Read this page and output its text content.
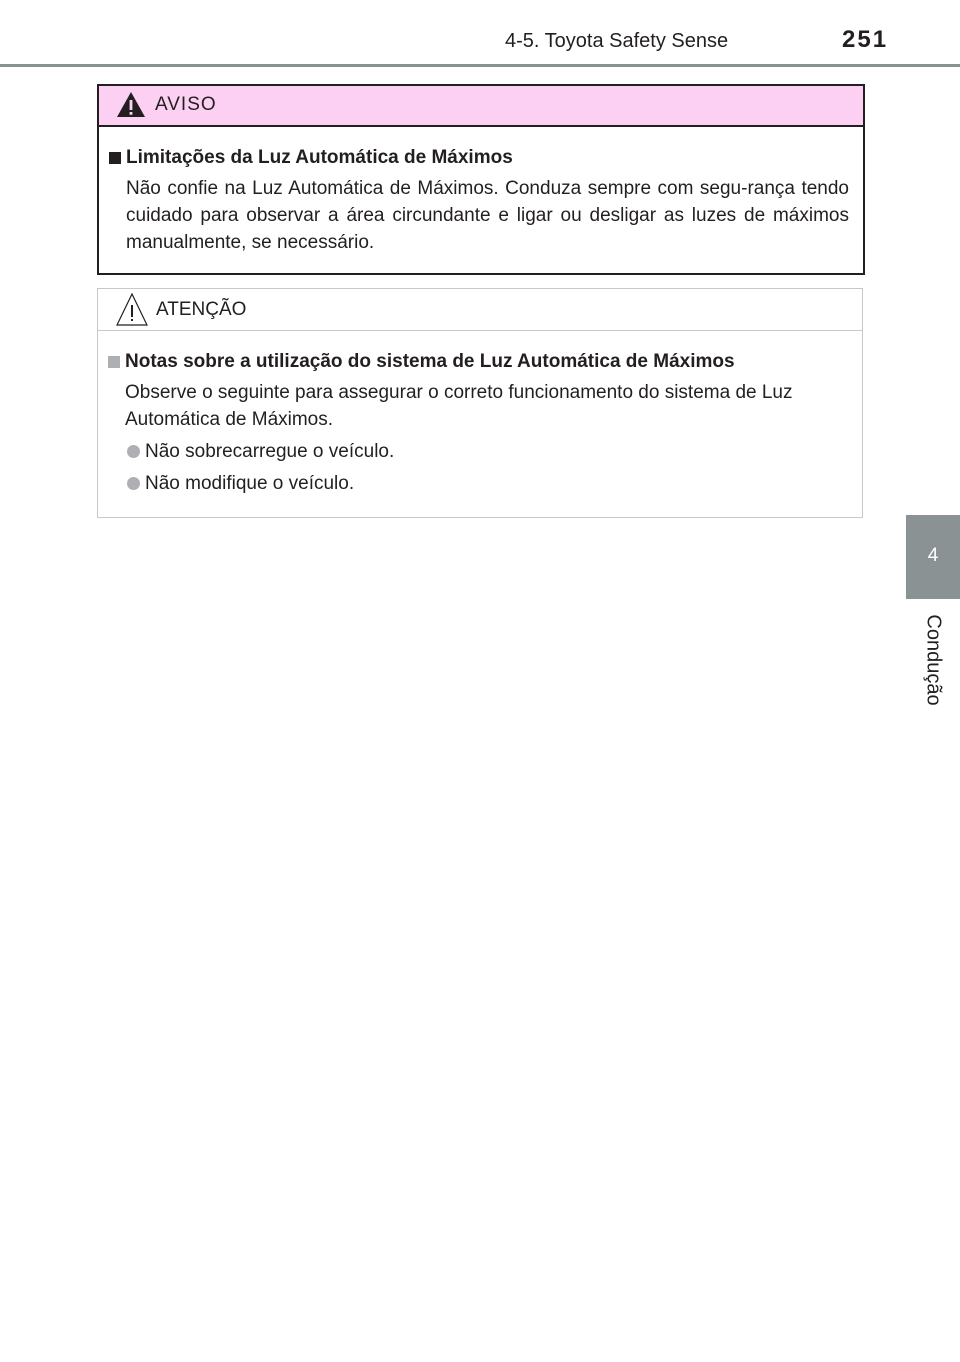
4-5. Toyota Safety Sense	251
4
Condução
AVISO
Limitações da Luz Automática de Máximos
Não confie na Luz Automática de Máximos. Conduza sempre com segu-rança tendo cuidado para observar a área circundante e ligar ou desligar as luzes de máximos manualmente, se necessário.
ATENÇÃO
Notas sobre a utilização do sistema de Luz Automática de Máximos
Observe o seguinte para assegurar o correto funcionamento do sistema de Luz Automática de Máximos.
Não sobrecarregue o veículo.
Não modifique o veículo.
